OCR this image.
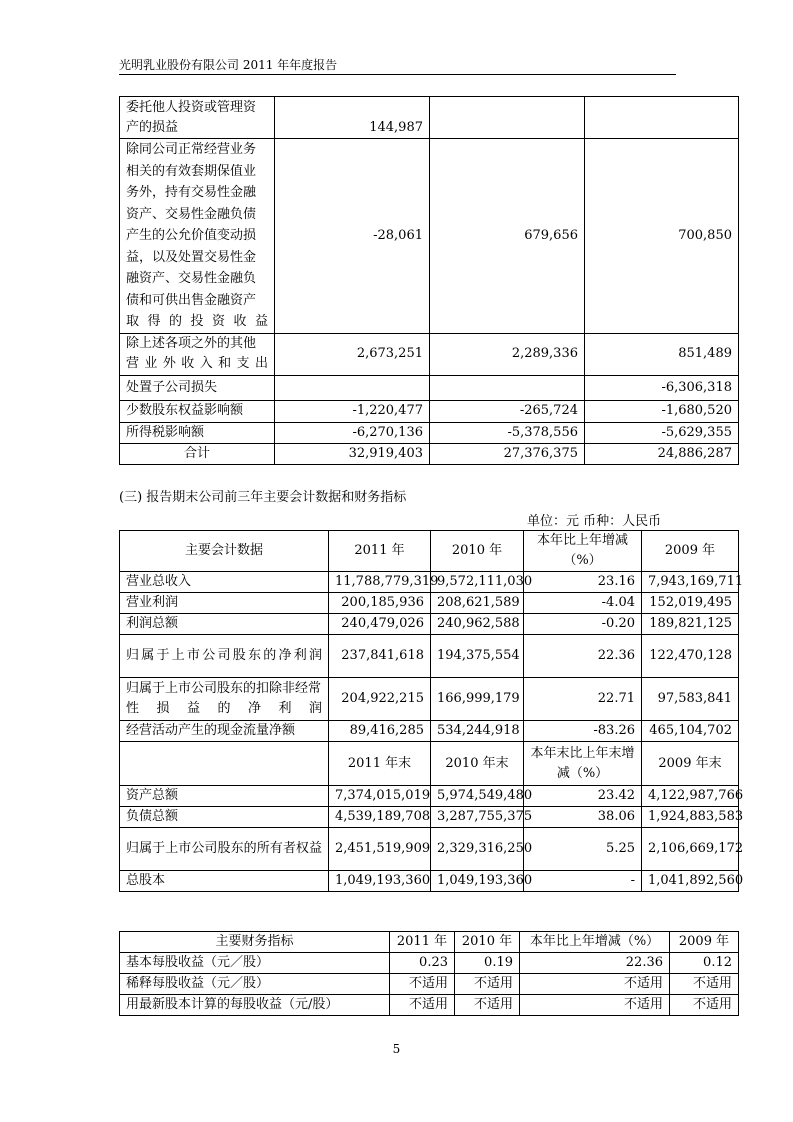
光明乳业股份有限公司 2011 年年度报告
委托他人投资或管理资产的损益	144,987		
除同公司正常经营业务相关的有效套期保值业务外，持有交易性金融资产、交易性金融负债产生的公允价值变动损益，以及处置交易性金融资产、交易性金融负债和可供出售金融资产取得的投资收益	-28,061	679,656	700,850
除上述各项之外的其他营业外收入和支出	2,673,251	2,289,336	851,489
处置子公司损失			-6,306,318
少数股东权益影响额	-1,220,477	-265,724	-1,680,520
所得税影响额	-6,270,136	-5,378,556	-5,629,355
合计	32,919,403	27,376,375	24,886,287
(三) 报告期末公司前三年主要会计数据和财务指标
单位：元 币种：人民币
主要会计数据	2011 年	2010 年	本年比上年增减（%）	2009 年
营业总收入	11,788,779,319	9,572,111,030	23.16	7,943,169,711
营业利润	200,185,936	208,621,589	-4.04	152,019,495
利润总额	240,479,026	240,962,588	-0.20	189,821,125
归属于上市公司股东的净利润	237,841,618	194,375,554	22.36	122,470,128
归属于上市公司股东的扣除非经常性损益的净利润	204,922,215	166,999,179	22.71	97,583,841
经营活动产生的现金流量净额	89,416,285	534,244,918	-83.26	465,104,702
	2011 年末	2010 年末	本年末比上年末增减（%）	2009 年末
资产总额	7,374,015,019	5,974,549,480	23.42	4,122,987,766
负债总额	4,539,189,708	3,287,755,375	38.06	1,924,883,583
归属于上市公司股东的所有者权益	2,451,519,909	2,329,316,250	5.25	2,106,669,172
总股本	1,049,193,360	1,049,193,360	-	1,041,892,560
主要财务指标	2011 年	2010 年	本年比上年增减（%）	2009 年
基本每股收益（元／股）	0.23	0.19	22.36	0.12
稀释每股收益（元／股）	不适用	不适用	不适用	不适用
用最新股本计算的每股收益（元/股）	不适用	不适用	不适用	不适用
5
